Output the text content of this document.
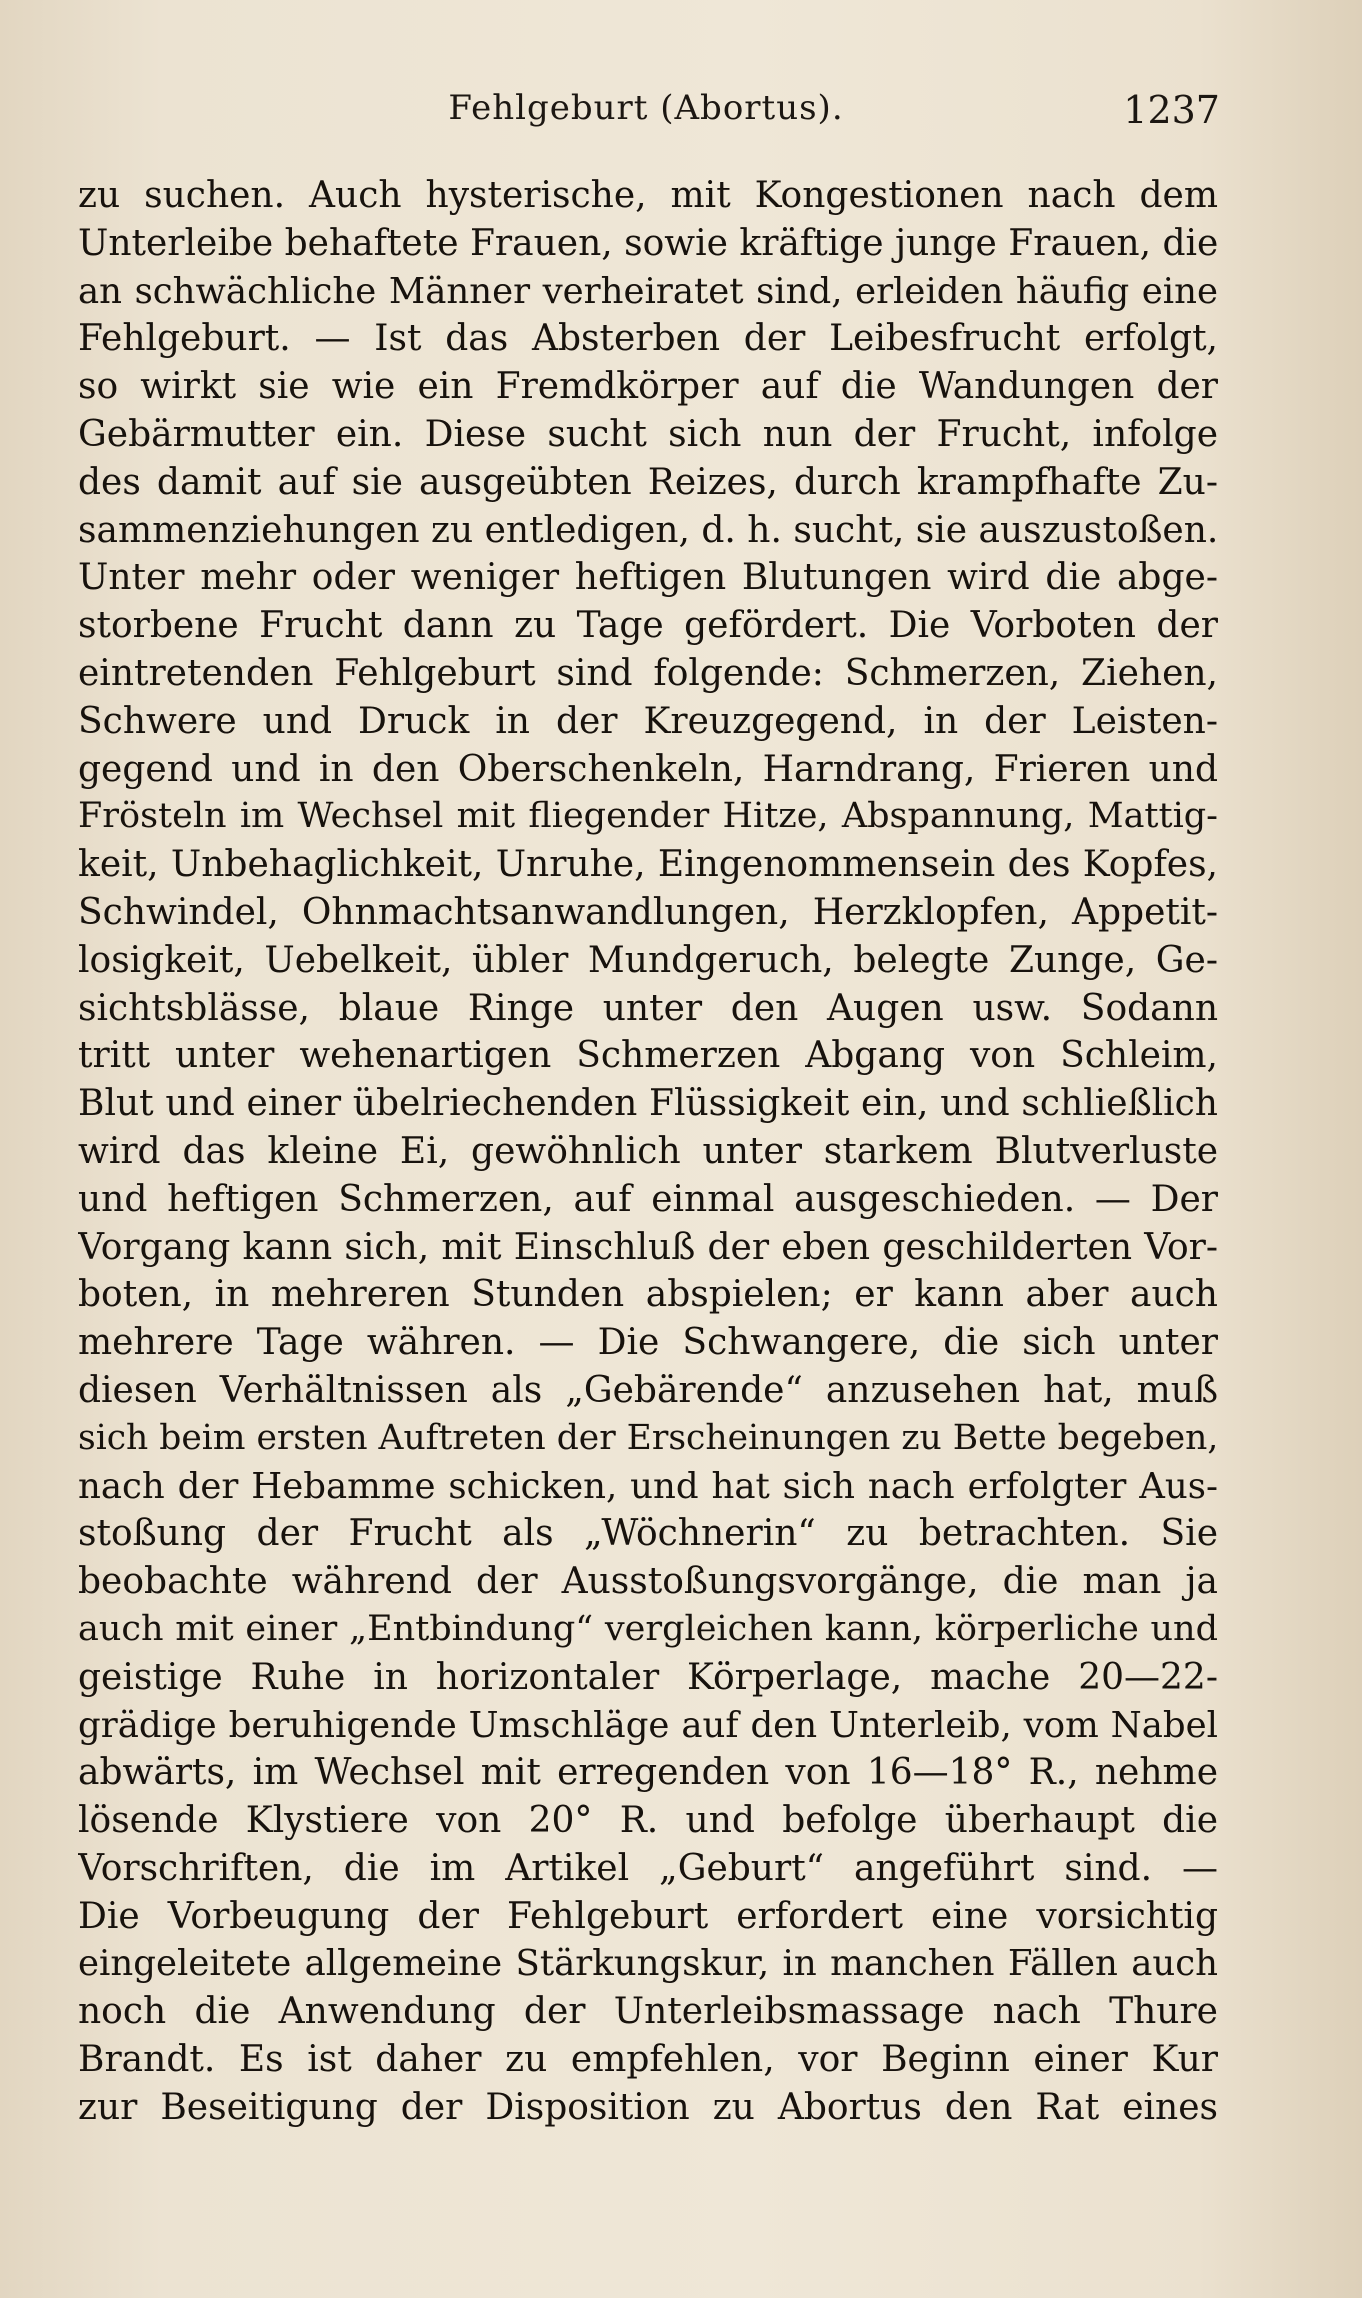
Fehlgeburt (Abortus).	1237
zu suchen. Auch hysterische, mit Kongestionen nach dem
Unterleibe behaftete Frauen, sowie kräftige junge Frauen, die
an schwächliche Männer verheiratet sind, erleiden häufig eine
Fehlgeburt. — Ist das Absterben der Leibesfrucht erfolgt,
so wirkt sie wie ein Fremdkörper auf die Wandungen der
Gebärmutter ein. Diese sucht sich nun der Frucht, infolge
des damit auf sie ausgeübten Reizes, durch krampfhafte Zu-
sammenziehungen zu entledigen, d. h. sucht, sie auszustoßen.
Unter mehr oder weniger heftigen Blutungen wird die abge-
storbene Frucht dann zu Tage gefördert. Die Vorboten der
eintretenden Fehlgeburt sind folgende: Schmerzen, Ziehen,
Schwere und Druck in der Kreuzgegend, in der Leisten-
gegend und in den Oberschenkeln, Harndrang, Frieren und
Frösteln im Wechsel mit fliegender Hitze, Abspannung, Mattig-
keit, Unbehaglichkeit, Unruhe, Eingenommensein des Kopfes,
Schwindel, Ohnmachtsanwandlungen, Herzklopfen, Appetit-
losigkeit, Uebelkeit, übler Mundgeruch, belegte Zunge, Ge-
sichtsblässe, blaue Ringe unter den Augen usw. Sodann
tritt unter wehenartigen Schmerzen Abgang von Schleim,
Blut und einer übelriechenden Flüssigkeit ein, und schließlich
wird das kleine Ei, gewöhnlich unter starkem Blutverluste
und heftigen Schmerzen, auf einmal ausgeschieden. — Der
Vorgang kann sich, mit Einschluß der eben geschilderten Vor-
boten, in mehreren Stunden abspielen; er kann aber auch
mehrere Tage währen. — Die Schwangere, die sich unter
diesen Verhältnissen als „Gebärende“ anzusehen hat, muß
sich beim ersten Auftreten der Erscheinungen zu Bette begeben,
nach der Hebamme schicken, und hat sich nach erfolgter Aus-
stoßung der Frucht als „Wöchnerin“ zu betrachten. Sie
beobachte während der Ausstoßungsvorgänge, die man ja
auch mit einer „Entbindung“ vergleichen kann, körperliche und
geistige Ruhe in horizontaler Körperlage, mache 20—22-
grädige beruhigende Umschläge auf den Unterleib, vom Nabel
abwärts, im Wechsel mit erregenden von 16—18° R., nehme
lösende Klystiere von 20° R. und befolge überhaupt die
Vorschriften, die im Artikel „Geburt“ angeführt sind. —
Die Vorbeugung der Fehlgeburt erfordert eine vorsichtig
eingeleitete allgemeine Stärkungskur, in manchen Fällen auch
noch die Anwendung der Unterleibsmassage nach Thure
Brandt. Es ist daher zu empfehlen, vor Beginn einer Kur
zur Beseitigung der Disposition zu Abortus den Rat eines
